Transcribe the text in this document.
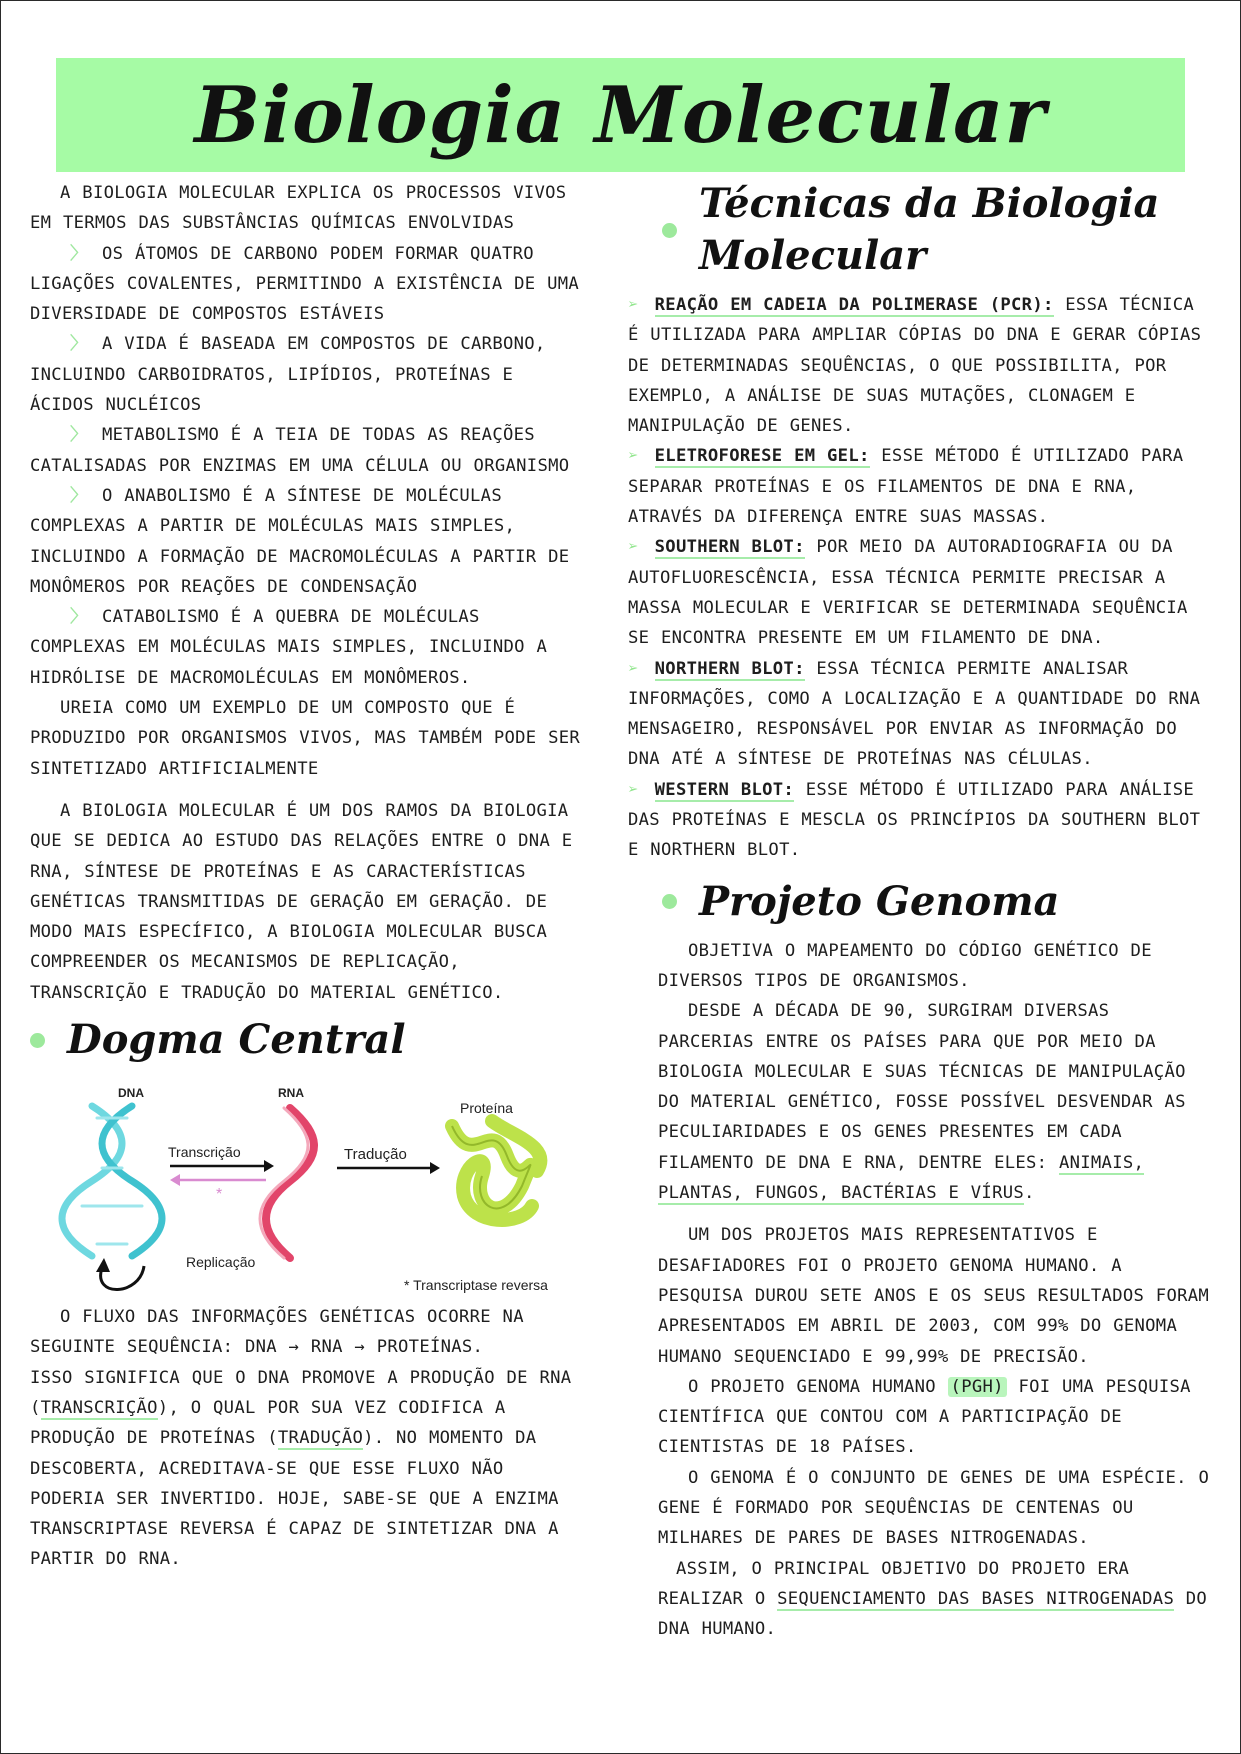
Biologia Molecular

A BIOLOGIA MOLECULAR EXPLICA OS PROCESSOS VIVOS EM TERMOS DAS SUBSTÂNCIAS QUÍMICAS ENVOLVIDAS

〉 OS ÁTOMOS DE CARBONO PODEM FORMAR QUATRO LIGAÇÕES COVALENTES, PERMITINDO A EXISTÊNCIA DE UMA DIVERSIDADE DE COMPOSTOS ESTÁVEIS

〉 A VIDA É BASEADA EM COMPOSTOS DE CARBONO, INCLUINDO CARBOIDRATOS, LIPÍDIOS, PROTEÍNAS E ÁCIDOS NUCLÉICOS

〉 METABOLISMO É A TEIA DE TODAS AS REAÇÕES CATALISADAS POR ENZIMAS EM UMA CÉLULA OU ORGANISMO

〉 O ANABOLISMO É A SÍNTESE DE MOLÉCULAS COMPLEXAS A PARTIR DE MOLÉCULAS MAIS SIMPLES, INCLUINDO A FORMAÇÃO DE MACROMOLÉCULAS A PARTIR DE MONÔMEROS POR REAÇÕES DE CONDENSAÇÃO

〉 CATABOLISMO É A QUEBRA DE MOLÉCULAS COMPLEXAS EM MOLÉCULAS MAIS SIMPLES, INCLUINDO A HIDRÓLISE DE MACROMOLÉCULAS EM MONÔMEROS.

UREIA COMO UM EXEMPLO DE UM COMPOSTO QUE É PRODUZIDO POR ORGANISMOS VIVOS, MAS TAMBÉM PODE SER SINTETIZADO ARTIFICIALMENTE

A BIOLOGIA MOLECULAR É UM DOS RAMOS DA BIOLOGIA QUE SE DEDICA AO ESTUDO DAS RELAÇÕES ENTRE O DNA E RNA, SÍNTESE DE PROTEÍNAS E AS CARACTERÍSTICAS GENÉTICAS TRANSMITIDAS DE GERAÇÃO EM GERAÇÃO. DE MODO MAIS ESPECÍFICO, A BIOLOGIA MOLECULAR BUSCA COMPREENDER OS MECANISMOS DE REPLICAÇÃO, TRANSCRIÇÃO E TRADUÇÃO DO MATERIAL GENÉTICO.

Dogma Central
DNA	RNA
Proteína
Transcrição	Tradução
*
Replicação
* Transcriptase reversa

O FLUXO DAS INFORMAÇÕES GENÉTICAS OCORRE NA SEGUINTE SEQUÊNCIA: DNA → RNA → PROTEÍNAS.

ISSO SIGNIFICA QUE O DNA PROMOVE A PRODUÇÃO DE RNA (TRANSCRIÇÃO), O QUAL POR SUA VEZ CODIFICA A PRODUÇÃO DE PROTEÍNAS (TRADUÇÃO). NO MOMENTO DA DESCOBERTA, ACREDITAVA-SE QUE ESSE FLUXO NÃO PODERIA SER INVERTIDO. HOJE, SABE-SE QUE A ENZIMA TRANSCRIPTASE REVERSA É CAPAZ DE SINTETIZAR DNA A PARTIR DO RNA.

Técnicas da Biologia Molecular

➢ REAÇÃO EM CADEIA DA POLIMERASE (PCR): ESSA TÉCNICA É UTILIZADA PARA AMPLIAR CÓPIAS DO DNA E GERAR CÓPIAS DE DETERMINADAS SEQUÊNCIAS, O QUE POSSIBILITA, POR EXEMPLO, A ANÁLISE DE SUAS MUTAÇÕES, CLONAGEM E MANIPULAÇÃO DE GENES.

➢ ELETROFORESE EM GEL: ESSE MÉTODO É UTILIZADO PARA SEPARAR PROTEÍNAS E OS FILAMENTOS DE DNA E RNA, ATRAVÉS DA DIFERENÇA ENTRE SUAS MASSAS.

➢ SOUTHERN BLOT: POR MEIO DA AUTORADIOGRAFIA OU DA AUTOFLUORESCÊNCIA, ESSA TÉCNICA PERMITE PRECISAR A MASSA MOLECULAR E VERIFICAR SE DETERMINADA SEQUÊNCIA SE ENCONTRA PRESENTE EM UM FILAMENTO DE DNA.

➢ NORTHERN BLOT: ESSA TÉCNICA PERMITE ANALISAR INFORMAÇÕES, COMO A LOCALIZAÇÃO E A QUANTIDADE DO RNA MENSAGEIRO, RESPONSÁVEL POR ENVIAR AS INFORMAÇÃO DO DNA ATÉ A SÍNTESE DE PROTEÍNAS NAS CÉLULAS.

➢ WESTERN BLOT: ESSE MÉTODO É UTILIZADO PARA ANÁLISE DAS PROTEÍNAS E MESCLA OS PRINCÍPIOS DA SOUTHERN BLOT E NORTHERN BLOT.

Projeto Genoma

OBJETIVA O MAPEAMENTO DO CÓDIGO GENÉTICO DE DIVERSOS TIPOS DE ORGANISMOS.

DESDE A DÉCADA DE 90, SURGIRAM DIVERSAS PARCERIAS ENTRE OS PAÍSES PARA QUE POR MEIO DA BIOLOGIA MOLECULAR E SUAS TÉCNICAS DE MANIPULAÇÃO DO MATERIAL GENÉTICO, FOSSE POSSÍVEL DESVENDAR AS PECULIARIDADES E OS GENES PRESENTES EM CADA FILAMENTO DE DNA E RNA, DENTRE ELES: ANIMAIS, PLANTAS, FUNGOS, BACTÉRIAS E VÍRUS.

UM DOS PROJETOS MAIS REPRESENTATIVOS E DESAFIADORES FOI O PROJETO GENOMA HUMANO. A PESQUISA DUROU SETE ANOS E OS SEUS RESULTADOS FORAM APRESENTADOS EM ABRIL DE 2003, COM 99% DO GENOMA HUMANO SEQUENCIADO E 99,99% DE PRECISÃO.

O PROJETO GENOMA HUMANO (PGH) FOI UMA PESQUISA CIENTÍFICA QUE CONTOU COM A PARTICIPAÇÃO DE CIENTISTAS DE 18 PAÍSES.

O GENOMA É O CONJUNTO DE GENES DE UMA ESPÉCIE. O GENE É FORMADO POR SEQUÊNCIAS DE CENTENAS OU MILHARES DE PARES DE BASES NITROGENADAS.

ASSIM, O PRINCIPAL OBJETIVO DO PROJETO ERA REALIZAR O SEQUENCIAMENTO DAS BASES NITROGENADAS DO DNA HUMANO.
